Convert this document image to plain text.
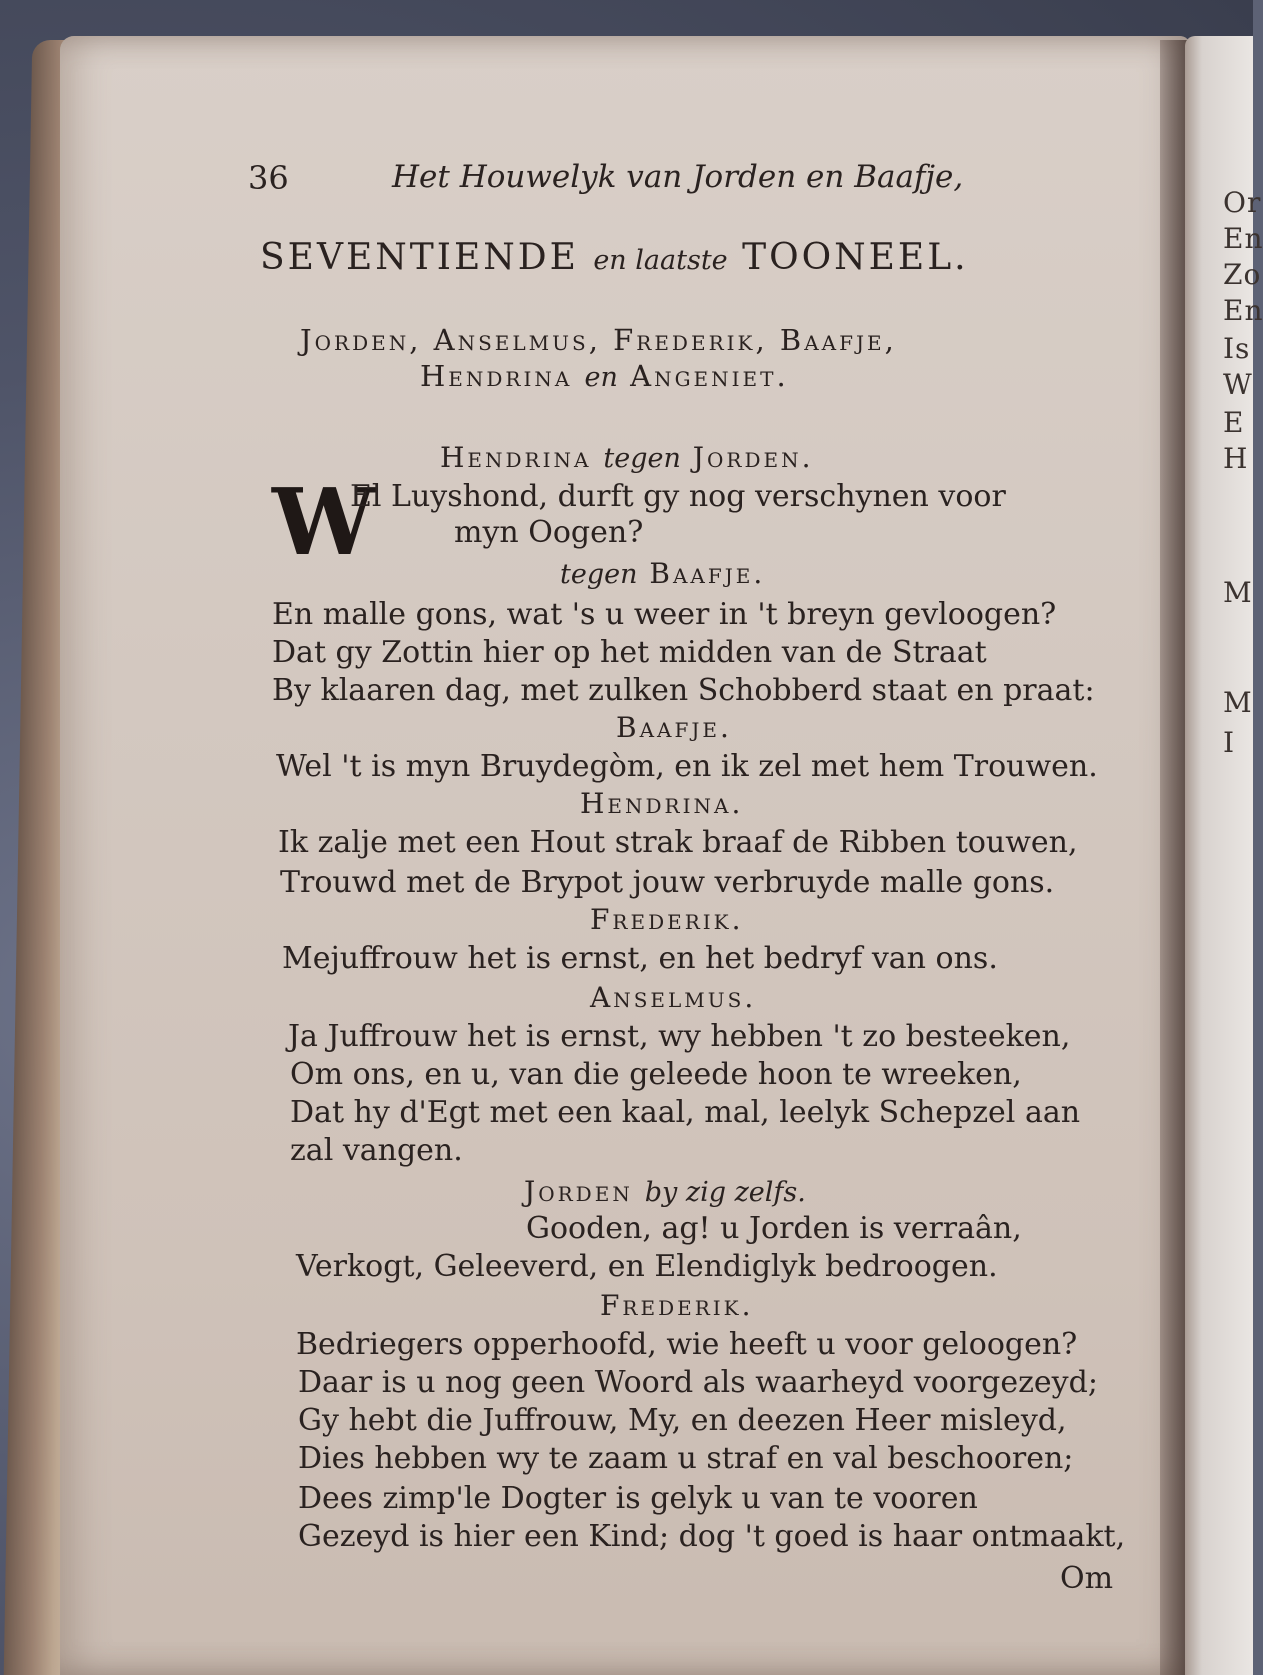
Or
En
Zo
En
Is
W
E
H
M
M
I
36	Het Houwelyk van Jorden en Baafje,
SEVENTIENDE en laatste TOONEEL.
Jorden, Anselmus, Frederik, Baafje,
Hendrina en Angeniet.
Hendrina tegen Jorden.
W
El Luyshond, durft gy nog verschynen voor
myn Oogen?
tegen Baafje.
En malle gons, wat 's u weer in 't breyn gevloogen?
Dat gy Zottin hier op het midden van de Straat
By klaaren dag, met zulken Schobberd staat en praat:
Baafje.
Wel 't is myn Bruydegòm, en ik zel met hem Trouwen.
Hendrina.
Ik zalje met een Hout strak braaf de Ribben touwen,
Trouwd met de Brypot jouw verbruyde malle gons.
Frederik.
Mejuffrouw het is ernst, en het bedryf van ons.
Anselmus.
Ja Juffrouw het is ernst, wy hebben 't zo besteeken,
Om ons, en u, van die geleede hoon te wreeken,
Dat hy d'Egt met een kaal, mal, leelyk Schepzel aan
zal vangen.
Jorden by zig zelfs.
Gooden, ag! u Jorden is verraân,
Verkogt, Geleeverd, en Elendiglyk bedroogen.
Frederik.
Bedriegers opperhoofd, wie heeft u voor geloogen?
Daar is u nog geen Woord als waarheyd voorgezeyd;
Gy hebt die Juffrouw, My, en deezen Heer misleyd,
Dies hebben wy te zaam u straf en val beschooren;
Dees zimp'le Dogter is gelyk u van te vooren
Gezeyd is hier een Kind; dog 't goed is haar ontmaakt,
Om
